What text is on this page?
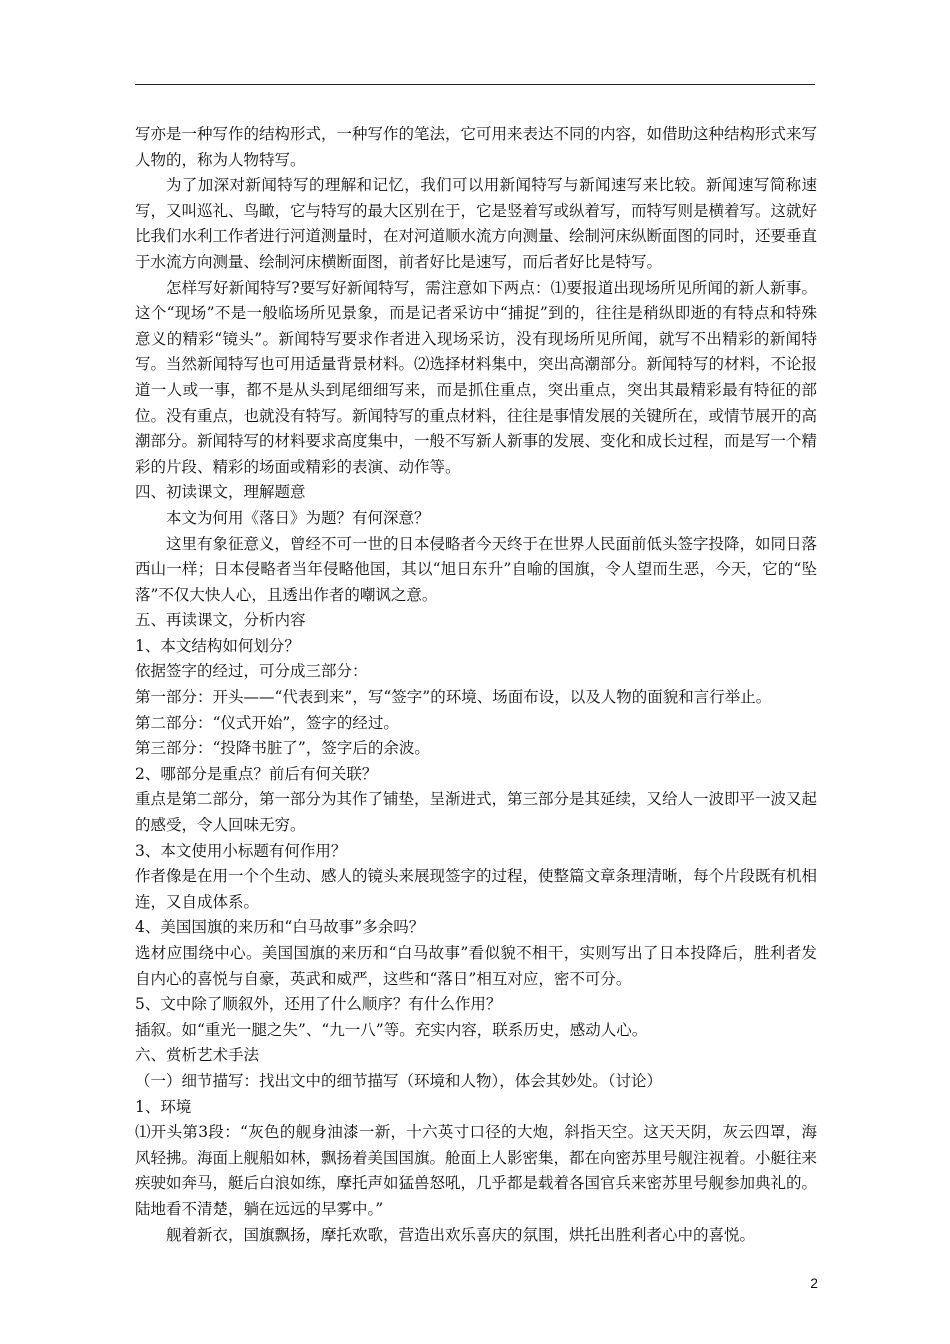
写亦是一种写作的结构形式，一种写作的笔法，它可用来表达不同的内容，如借助这种结构形式来写人物的，称为人物特写。

为了加深对新闻特写的理解和记忆，我们可以用新闻特写与新闻速写来比较。新闻速写简称速写，又叫巡礼、鸟瞰，它与特写的最大区别在于，它是竖着写或纵着写，而特写则是横着写。这就好比我们水利工作者进行河道测量时，在对河道顺水流方向测量、绘制河床纵断面图的同时，还要垂直于水流方向测量、绘制河床横断面图，前者好比是速写，而后者好比是特写。

怎样写好新闻特写?要写好新闻特写，需注意如下两点：⑴要报道出现场所见所闻的新人新事。这个“现场”不是一般临场所见景象，而是记者采访中“捕捉”到的，往往是稍纵即逝的有特点和特殊意义的精彩“镜头”。新闻特写要求作者进入现场采访，没有现场所见所闻，就写不出精彩的新闻特写。当然新闻特写也可用适量背景材料。⑵选择材料集中，突出高潮部分。新闻特写的材料，不论报道一人或一事，都不是从头到尾细细写来，而是抓住重点，突出重点，突出其最精彩最有特征的部位。没有重点，也就没有特写。新闻特写的重点材料，往往是事情发展的关键所在，或情节展开的高潮部分。新闻特写的材料要求高度集中，一般不写新人新事的发展、变化和成长过程，而是写一个精彩的片段、精彩的场面或精彩的表演、动作等。

四、初读课文，理解题意

本文为何用《落日》为题？有何深意？

这里有象征意义，曾经不可一世的日本侵略者今天终于在世界人民面前低头签字投降，如同日落西山一样；日本侵略者当年侵略他国，其以“旭日东升”自喻的国旗，令人望而生恶，今天，它的“坠落”不仅大快人心，且透出作者的嘲讽之意。

五、再读课文，分析内容

1、本文结构如何划分？

依据签字的经过，可分成三部分：

第一部分：开头——“代表到来”，写“签字”的环境、场面布设，以及人物的面貌和言行举止。

第二部分：“仪式开始”，签字的经过。

第三部分：“投降书脏了”，签字后的余波。

2、哪部分是重点？前后有何关联？

重点是第二部分，第一部分为其作了铺垫，呈渐进式，第三部分是其延续，又给人一波即平一波又起的感受，令人回味无穷。

3、本文使用小标题有何作用？

作者像是在用一个个生动、感人的镜头来展现签字的过程，使整篇文章条理清晰，每个片段既有机相连，又自成体系。

4、美国国旗的来历和“白马故事”多余吗？

选材应围绕中心。美国国旗的来历和“白马故事”看似貌不相干，实则写出了日本投降后，胜利者发自内心的喜悦与自豪，英武和威严，这些和“落日”相互对应，密不可分。

5、文中除了顺叙外，还用了什么顺序？有什么作用？

插叙。如“重光一腿之失”、“九一八”等。充实内容，联系历史，感动人心。

六、赏析艺术手法

（一）细节描写：找出文中的细节描写（环境和人物），体会其妙处。（讨论）

1、环境

⑴开头第3段：“灰色的舰身油漆一新，十六英寸口径的大炮，斜指天空。这天天阴，灰云四罩，海风轻拂。海面上舰船如林，飘扬着美国国旗。舱面上人影密集，都在向密苏里号舰注视着。小艇往来疾驶如奔马，艇后白浪如练，摩托声如猛兽怒吼，几乎都是载着各国官兵来密苏里号舰参加典礼的。陆地看不清楚，躺在远远的早雾中。”

舰着新衣，国旗飘扬，摩托欢歌，营造出欢乐喜庆的氛围，烘托出胜利者心中的喜悦。

2
